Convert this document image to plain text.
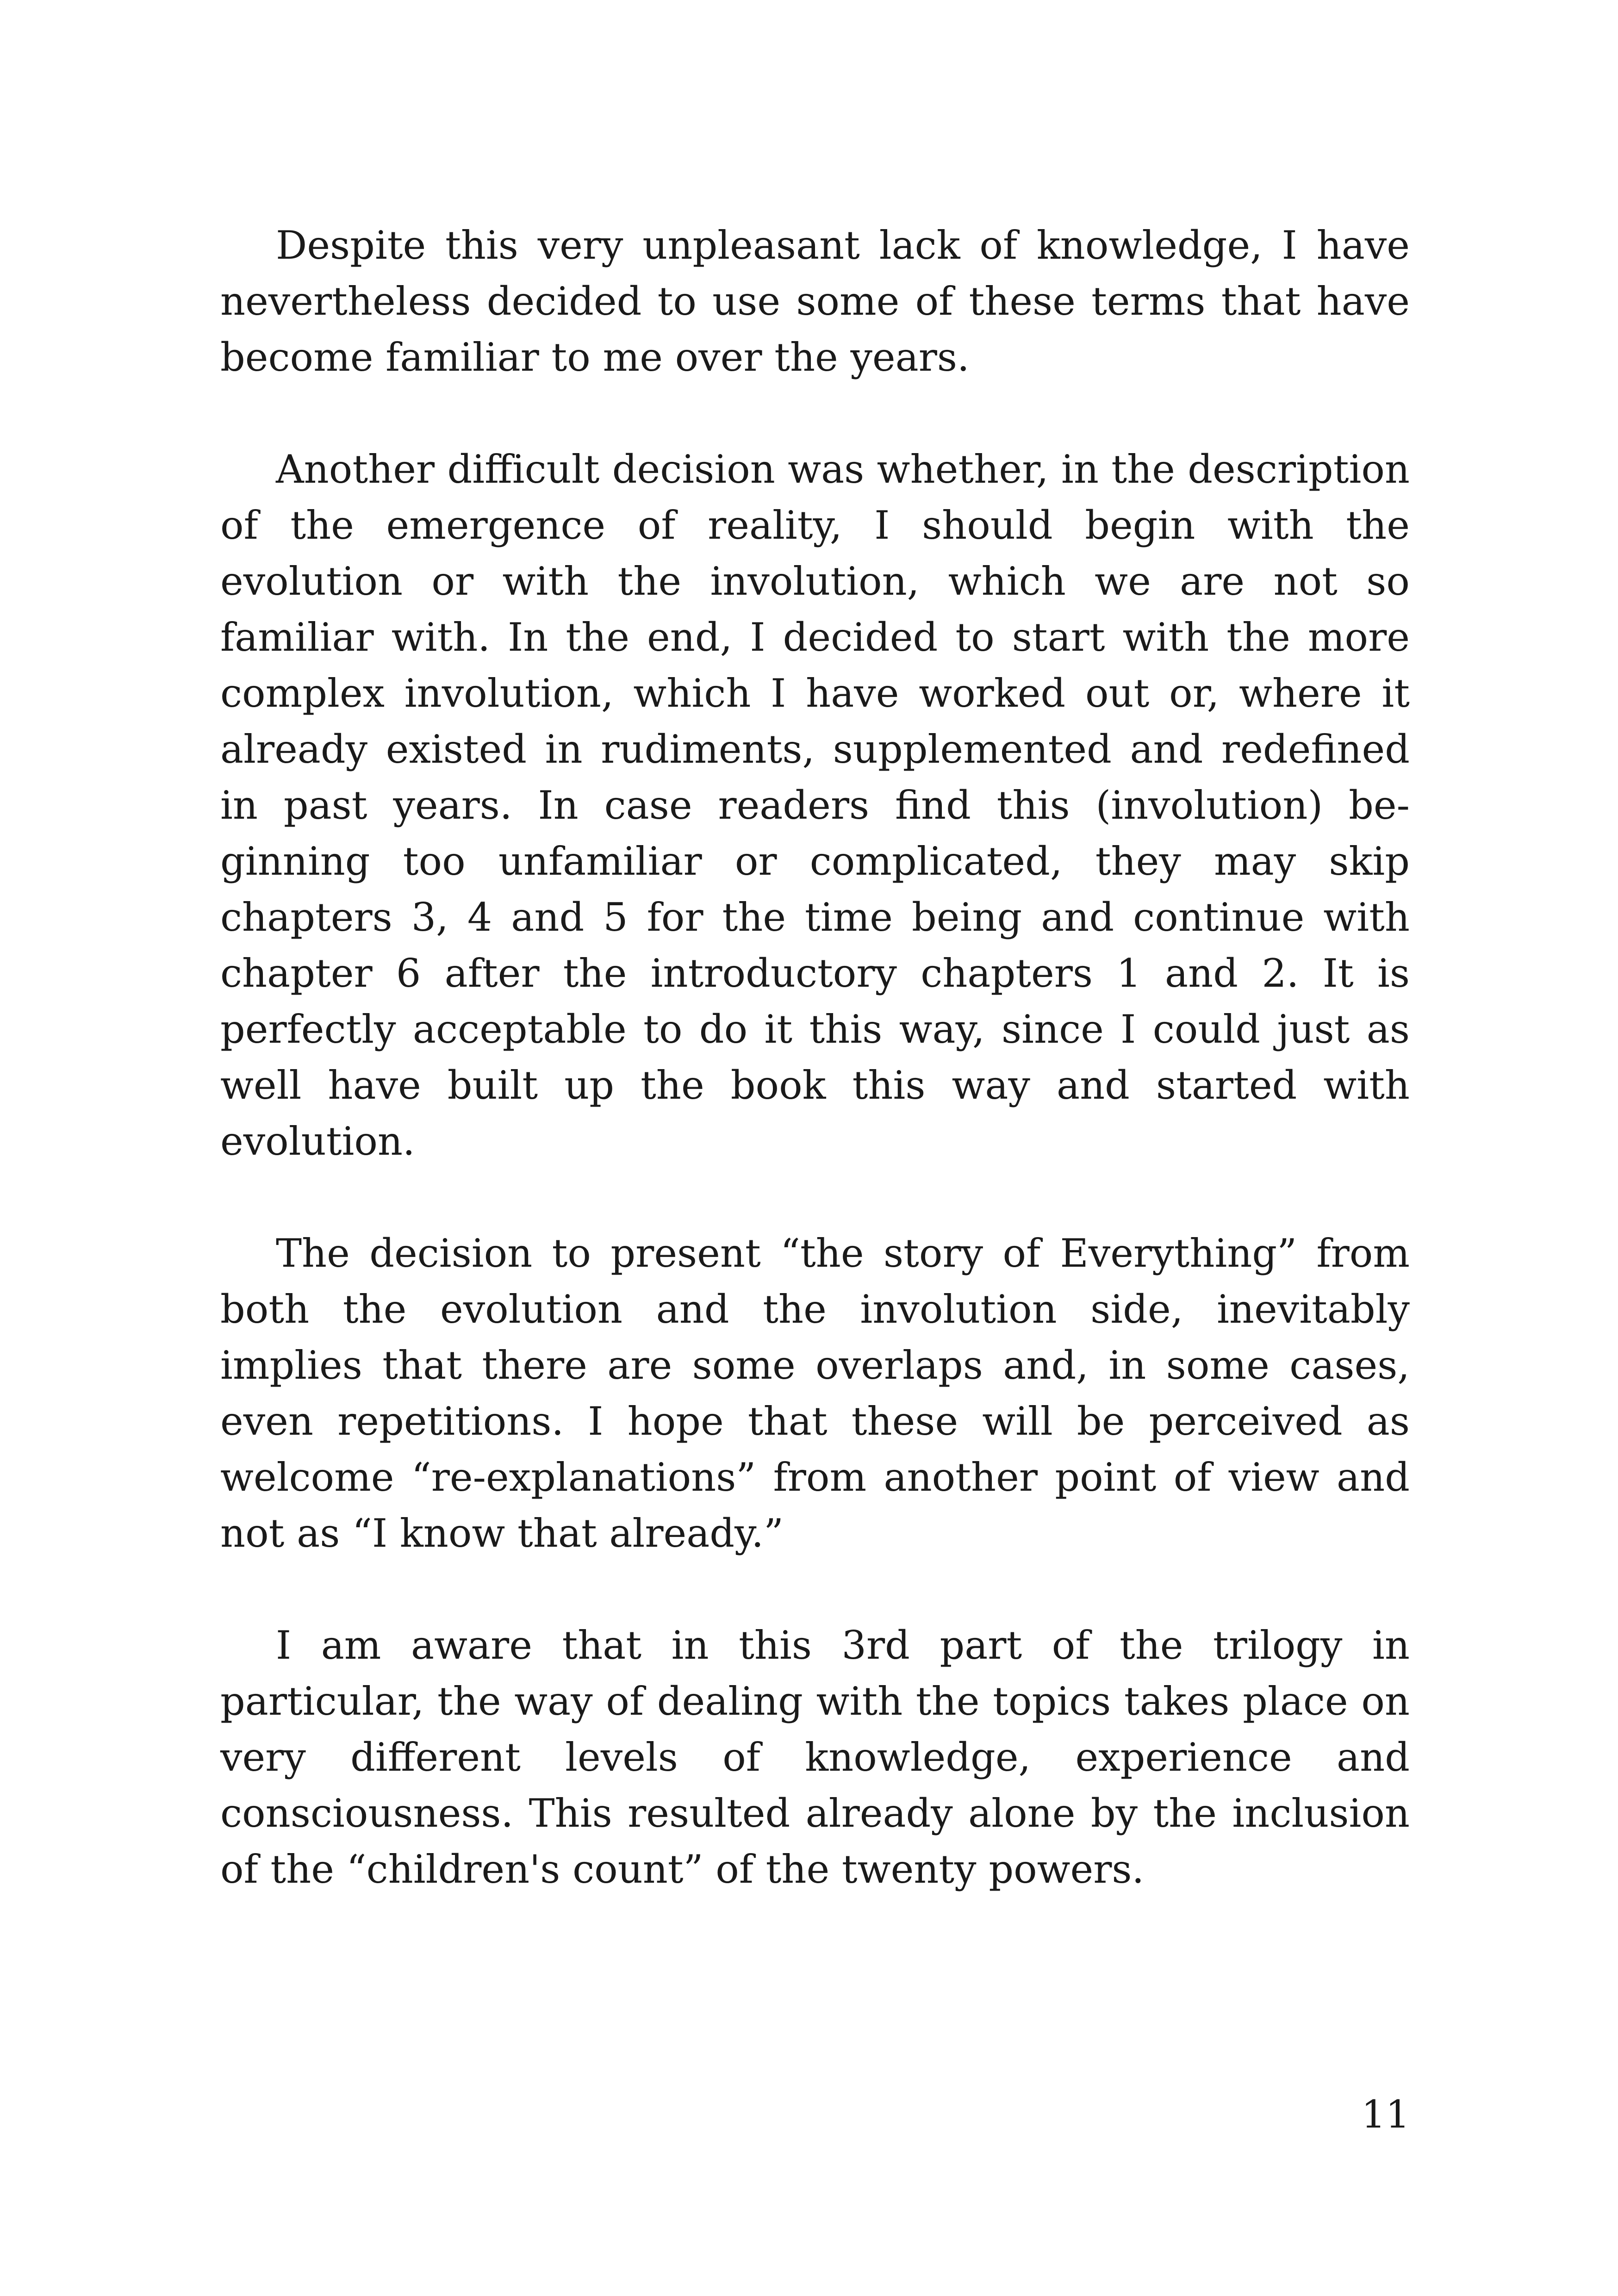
Despite this very unpleasant lack of knowledge, I have nevertheless decided to use some of these terms that have become familiar to me over the years.

Another difficult decision was whether, in the description of the emergence of reality, I should begin with the evolution or with the involution, which we are not so familiar with. In the end, I decided to start with the more complex involution, which I have worked out or, where it already existed in rudiments, supplemented and redefined in past years. In case readers find this (involution) beginning too unfamiliar or complicated, they may skip chapters 3, 4 and 5 for the time being and continue with chapter 6 after the introductory chapters 1 and 2. It is perfectly acceptable to do it this way, since I could just as well have built up the book this way and started with evolution.

The decision to present “the story of Everything” from both the evolution and the involution side, inevitably implies that there are some overlaps and, in some cases, even repetitions. I hope that these will be perceived as welcome “re-explanations” from another point of view and not as “I know that already.”

I am aware that in this 3rd part of the trilogy in particular, the way of dealing with the topics takes place on very different levels of knowledge, experience and consciousness. This resulted already alone by the inclusion of the “children's count” of the twenty powers.

11
